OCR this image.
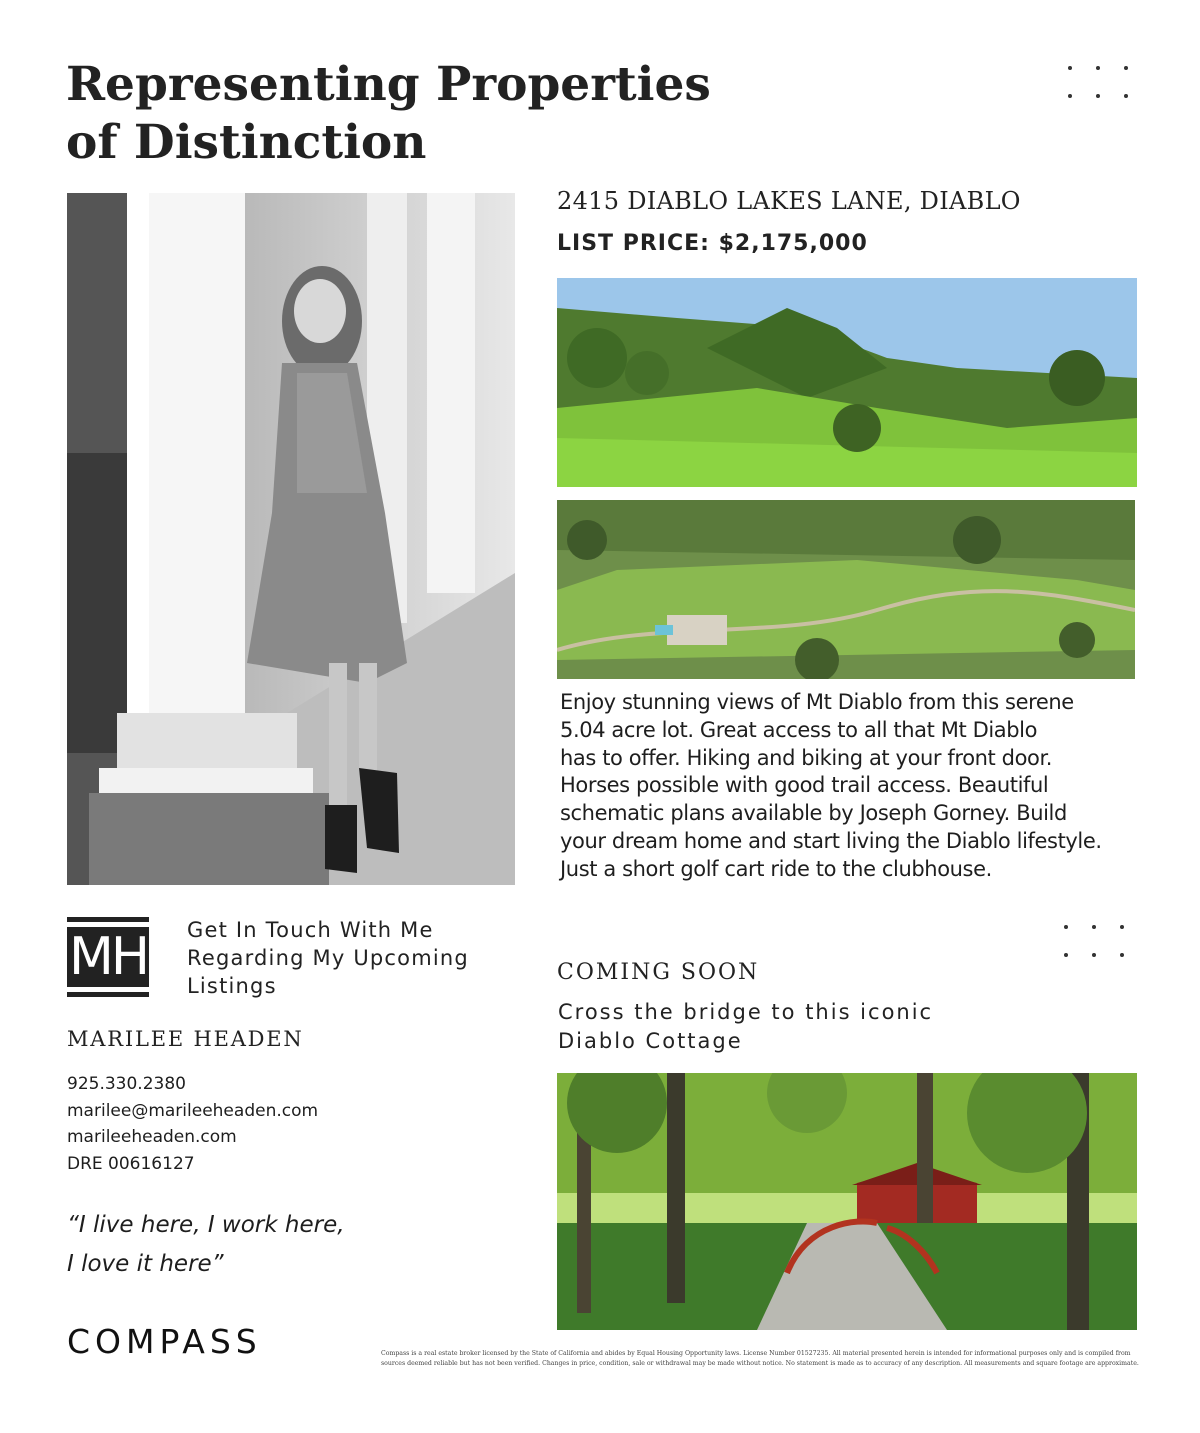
Representing Properties
of Distinction
2415 DIABLO LAKES LANE, DIABLO
LIST PRICE: $2,175,000
Enjoy stunning views of Mt Diablo from this serene
5.04 acre lot. Great access to all that Mt Diablo
has to offer. Hiking and biking at your front door.
Horses possible with good trail access. Beautiful
schematic plans available by Joseph Gorney. Build
your dream home and start living the Diablo lifestyle.
Just a short golf cart ride to the clubhouse.
MH Get In Touch With Me
Regarding My Upcoming
Listings
MARILEE HEADEN
925.330.2380
marilee@marileeheaden.com
marileeheaden.com
DRE 00616127
“I live here, I work here,
I love it here”
COMPASS
COMING SOON
Cross the bridge to this iconic
Diablo Cottage
Compass is a real estate broker licensed by the State of California and abides by Equal Housing Opportunity laws. License Number 01527235. All material presented herein is intended for informational purposes only and is compiled from sources deemed reliable but has not been verified. Changes in price, condition, sale or withdrawal may be made without notice. No statement is made as to accuracy of any description. All measurements and square footage are approximate.
